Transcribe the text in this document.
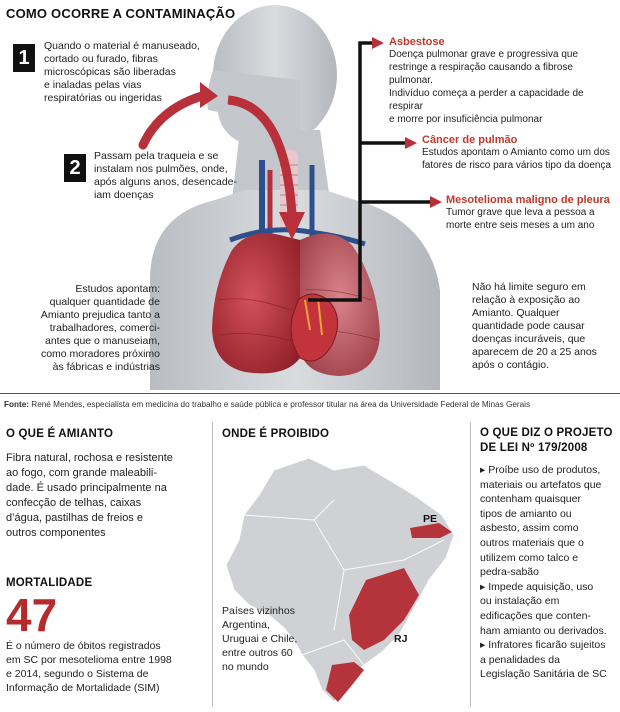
COMO OCORRE A CONTAMINAÇÃO
1
Quando o material é manuseado,
cortado ou furado, fibras
microscópicas são liberadas
e inaladas pelas vias
respiratórias ou ingeridas
2
Passam pela traqueia e se
instalam nos pulmões, onde,
após alguns anos, desencade-
iam doenças
Asbestose
Doença pulmonar grave e progressiva que
restringe a respiração causando a fibrose pulmonar.
Indivíduo começa a perder a capacidade de respirar
e morre por insuficiência pulmonar
Câncer de pulmão
Estudos apontam o Amianto como um dos
fatores de risco para vários tipo da doença
Mesotelioma maligno de pleura
Tumor grave que leva a pessoa a
morte entre seis meses a um ano
Estudos apontam:
qualquer quantidade de
Amianto prejudica tanto a
trabalhadores, comerci-
antes que o manuseiam,
como moradores próximo
às fábricas e indústrias
Não há limite seguro em
relação à exposição ao
Amianto. Qualquer
quantidade pode causar
doenças incuráveis, que
aparecem de 20 a 25 anos
após o contágio.
Fonte: René Mendes, especialista em medicina do trabalho e saúde pública e professor titular na área da Universidade Federal de Minas Gerais
O QUE É AMIANTO
Fibra natural, rochosa e resistente
ao fogo, com grande maleabili-
dade. É usado principalmente na
confecção de telhas, caixas
d’água, pastilhas de freios e
outros componentes
MORTALIDADE
47
É o número de óbitos registrados
em SC por mesotelioma entre 1998
e 2014, segundo o Sistema de
Informação de Mortalidade (SIM)
ONDE É PROIBIDO
PE
RJ
Países vizinhos
Argentina,
Uruguai e Chile,
entre outros 60
no mundo
O QUE DIZ O PROJETO
DE LEI Nº 179/2008
▸ Proíbe uso de produtos,
materiais ou artefatos que
contenham quaisquer
tipos de amianto ou
asbesto, assim como
outros materiais que o
utilizem como talco e
pedra-sabão
▸ Impede aquisição, uso
ou instalação em
edificações que conten-
ham amianto ou derivados.
▸ Infratores ficarão sujeitos
a penalidades da
Legislação Sanitária de SC
